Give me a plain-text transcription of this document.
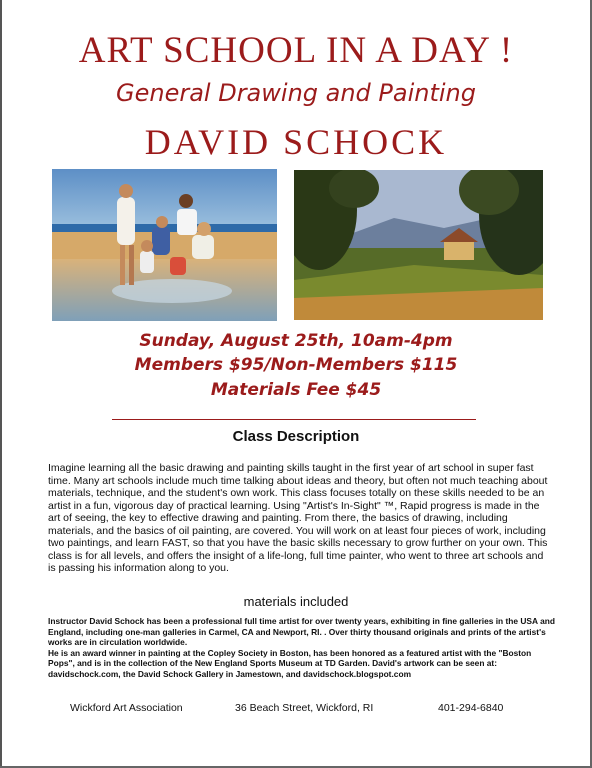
ART SCHOOL IN A DAY !
General Drawing and Painting
DAVID SCHOCK
Sunday, August 25th, 10am-4pm
Members $95/Non-Members $115
Materials Fee $45
Class Description
Imagine learning all the basic drawing and painting skills taught in the first year of art school in super fast time. Many art schools include much time talking about ideas and theory, but often not much teaching about materials, technique, and the student's own work. This class focuses totally on these skills needed to be an artist in a fun, vigorous day of practical learning. Using "Artist's In-Sight" ™, Rapid progress is made in the art of seeing, the key to effective drawing and painting. From there, the basics of drawing, including materials, and the basics of oil painting, are covered. You will work on at least four pieces of work, including two paintings, and learn FAST, so that you have the basic skills necessary to grow further on your own. This class is for all levels, and offers the insight of a life-long, full time painter, who went to three art schools and is passing his information along to you.
materials included
Instructor David Schock has been a professional full time artist for over twenty years, exhibiting in fine galleries in the USA and England, including one-man galleries in Carmel, CA and Newport, RI. . Over thirty thousand originals and prints of the artist's works are in circulation worldwide.
He is an award winner in painting at the Copley Society in Boston, has been honored as a featured artist with the "Boston Pops", and is in the collection of the New England Sports Museum at TD Garden. David's artwork can be seen at: davidschock.com, the David Schock Gallery in Jamestown, and davidschock.blogspot.com
Wickford Art Association	36 Beach Street, Wickford, RI	401-294-6840
